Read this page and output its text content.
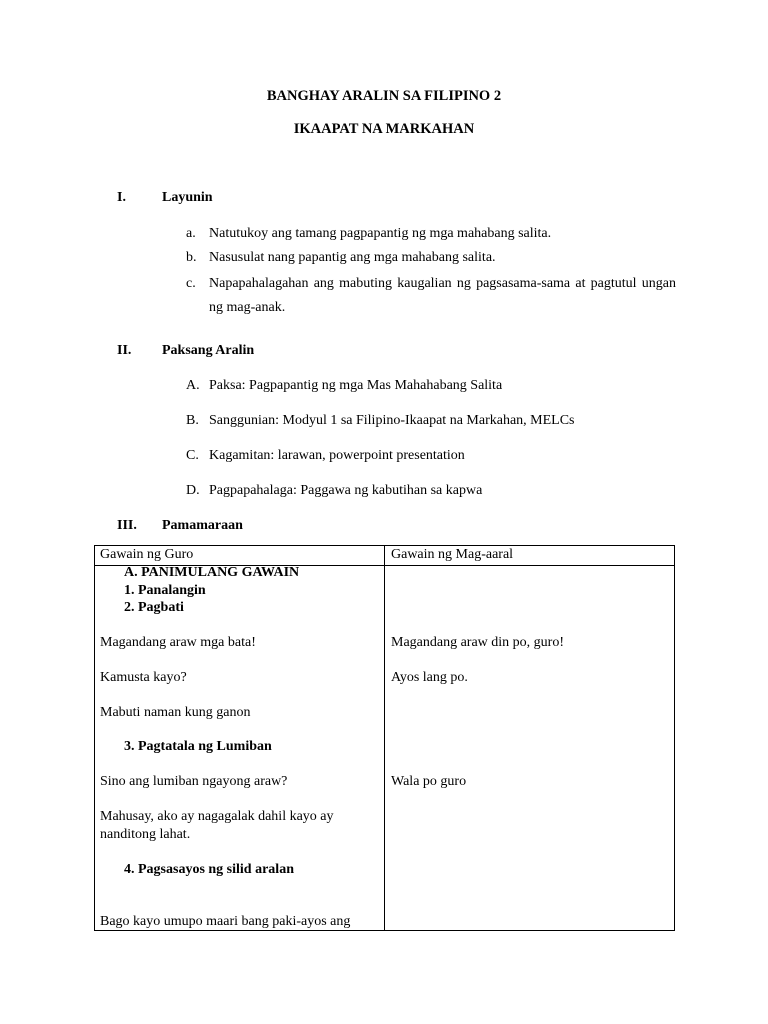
BANGHAY ARALIN SA FILIPINO 2
IKAAPAT NA MARKAHAN
I.	Layunin
a. Natutukoy ang tamang pagpapantig ng mga mahabang salita.
b. Nasusulat nang papantig ang mga mahabang salita.
c. Napapahalagahan ang mabuting kaugalian ng pagsasama-sama at pagtutul ungan ng mag-anak.
II. Paksang Aralin
A. Paksa: Pagpapantig ng mga Mas Mahahabang Salita
B. Sanggunian: Modyul 1 sa Filipino-Ikaapat na Markahan, MELCs
C. Kagamitan: larawan, powerpoint presentation
D. Pagpapahalaga: Paggawa ng kabutihan sa kapwa
III. Pamamaraan
Gawain ng Guro	Gawain ng Mag-aaral
A. PANIMULANG GAWAIN
1. Panalangin
2. Pagbati
Magandang araw mga bata!
Kamusta kayo?
Mabuti naman kung ganon
3. Pagtatala ng Lumiban
Sino ang lumiban ngayong araw?
Mahusay, ako ay nagagalak dahil kayo ay
nanditong lahat.
4. Pagsasayos ng silid aralan
Bago kayo umupo maari bang paki-ayos ang
Magandang araw din po, guro!
Ayos lang po.
Wala po guro
